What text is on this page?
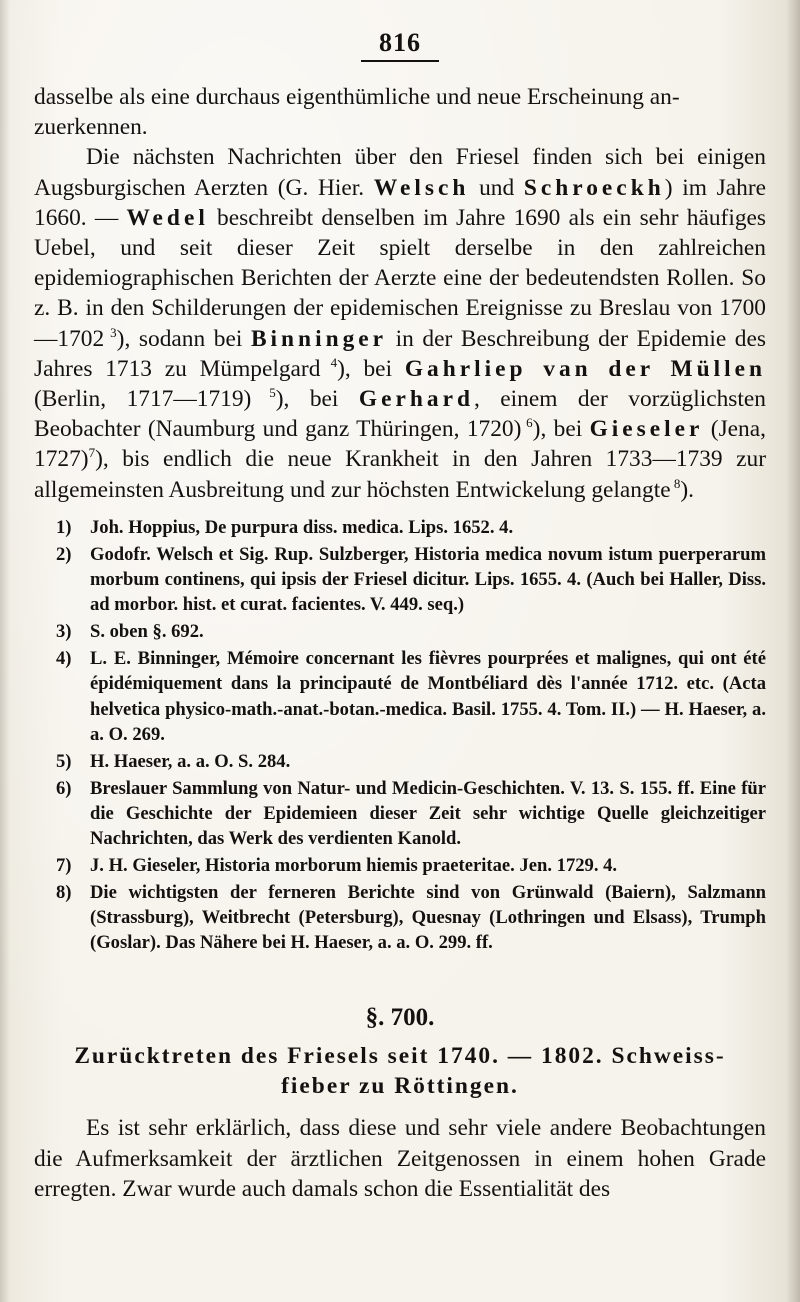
816

dasselbe als eine durchaus eigenthümliche und neue Erscheinung an-
zuerkennen.

Die nächsten Nachrichten über den Friesel finden sich bei einigen Augsburgischen Aerzten (G. Hier. Welsch und Schroeckh) im Jahre 1660. — Wedel beschreibt denselben im Jahre 1690 als ein sehr häufiges Uebel, und seit dieser Zeit spielt derselbe in den zahlreichen epidemiographischen Berichten der Aerzte eine der bedeutendsten Rollen. So z. B. in den Schilderungen der epidemischen Ereignisse zu Breslau von 1700—1702 $^3$), sodann bei Binninger in der Beschreibung der Epidemie des Jahres 1713 zu Mümpelgard $^4$), bei Gahrliep van der Müllen (Berlin, 1717—1719) $^5$), bei Gerhard, einem der vorzüglichsten Beobachter (Naumburg und ganz Thüringen, 1720) $^6$), bei Gieseler (Jena, 1727)$^7$), bis endlich die neue Krankheit in den Jahren 1733—1739 zur allgemeinsten Ausbreitung und zur höchsten Entwickelung gelangte $^8$).

1) Joh. Hoppius, De purpura diss. medica. Lips. 1652. 4.
2) Godofr. Welsch et Sig. Rup. Sulzberger, Historia medica novum istum puerperarum morbum continens, qui ipsis der Friesel dicitur. Lips. 1655. 4. (Auch bei Haller, Diss. ad morbor. hist. et curat. facientes. V. 449. seq.)
3) S. oben §. 692.
4) L. E. Binninger, Mémoire concernant les fièvres pourprées et malignes, qui ont été épidémiquement dans la principauté de Montbéliard dès l'année 1712. etc. (Acta helvetica physico-math.-anat.-botan.-medica. Basil. 1755. 4. Tom. II.) — H. Haeser, a. a. O. 269.
5) H. Haeser, a. a. O. S. 284.
6) Breslauer Sammlung von Natur- und Medicin-Geschichten. V. 13. S. 155. ff. Eine für die Geschichte der Epidemieen dieser Zeit sehr wichtige Quelle gleichzeitiger Nachrichten, das Werk des verdienten Kanold.
7) J. H. Gieseler, Historia morborum hiemis praeteritae. Jen. 1729. 4.
8) Die wichtigsten der ferneren Berichte sind von Grünwald (Baiern), Salzmann (Strassburg), Weitbrecht (Petersburg), Quesnay (Lothringen und Elsass), Trumph (Goslar). Das Nähere bei H. Haeser, a. a. O. 299. ff.
§. 700.
Zurücktreten des Friesels seit 1740. — 1802. Schweiss-
fieber zu Röttingen.

Es ist sehr erklärlich, dass diese und sehr viele andere Beobachtungen die Aufmerksamkeit der ärztlichen Zeitgenossen in einem hohen Grade erregten. Zwar wurde auch damals schon die Essentialität des
